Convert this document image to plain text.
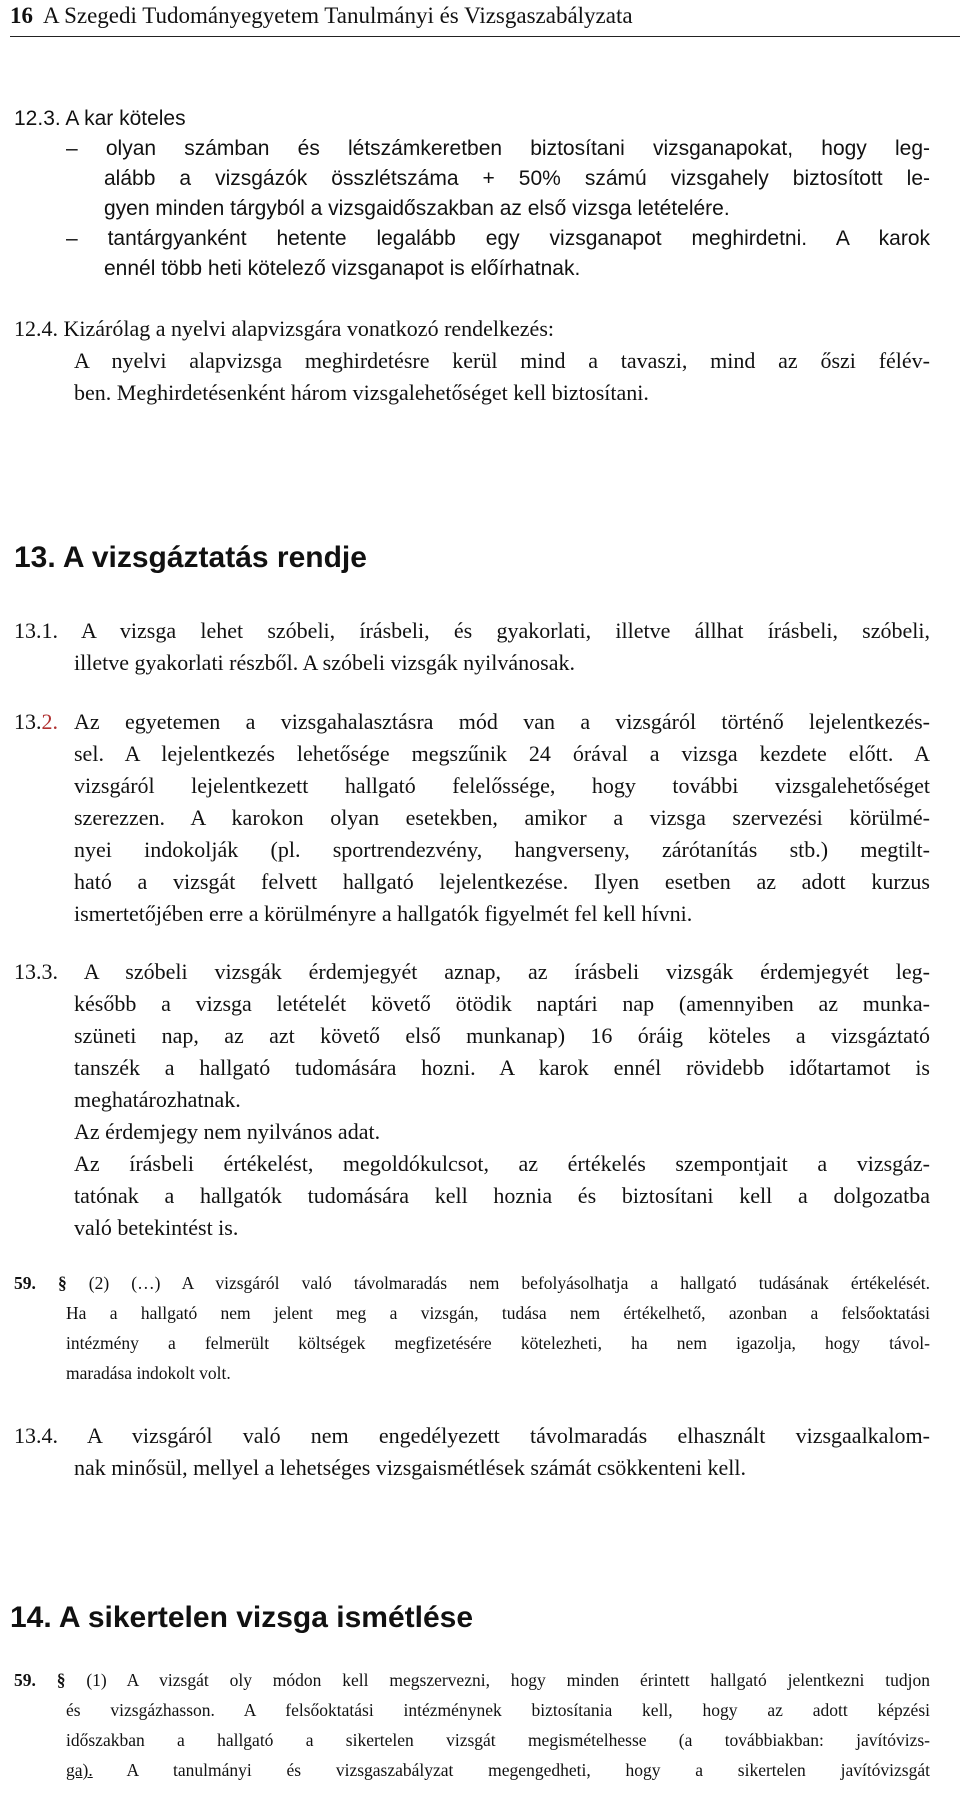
16 A Szegedi Tudományegyetem Tanulmányi és Vizsgaszabályzata
12.3. A kar köteles
– olyan számban és létszámkeretben biztosítani vizsganapokat, hogy leg-
alább a vizsgázók összlétszáma + 50% számú vizsgahely biztosított le-
gyen minden tárgyból a vizsgaidőszakban az első vizsga letételére.
– tantárgyanként hetente legalább egy vizsganapot meghirdetni. A karok
ennél több heti kötelező vizsganapot is előírhatnak.
12.4. Kizárólag a nyelvi alapvizsgára vonatkozó rendelkezés:
A nyelvi alapvizsga meghirdetésre kerül mind a tavaszi, mind az őszi félév-
ben. Meghirdetésenként három vizsgalehetőséget kell biztosítani.
13. A vizsgáztatás rendje
13.1. A vizsga lehet szóbeli, írásbeli, és gyakorlati, illetve állhat írásbeli, szóbeli,
illetve gyakorlati részből. A szóbeli vizsgák nyilvánosak.
13.2. Az egyetemen a vizsgahalasztásra mód van a vizsgáról történő lejelentkezés-
sel. A lejelentkezés lehetősége megszűnik 24 órával a vizsga kezdete előtt. A
vizsgáról lejelentkezett hallgató felelőssége, hogy további vizsgalehetőséget
szerezzen. A karokon olyan esetekben, amikor a vizsga szervezési körülmé-
nyei indokolják (pl. sportrendezvény, hangverseny, zárótanítás stb.) megtilt-
ható a vizsgát felvett hallgató lejelentkezése. Ilyen esetben az adott kurzus
ismertetőjében erre a körülményre a hallgatók figyelmét fel kell hívni.
13.3. A szóbeli vizsgák érdemjegyét aznap, az írásbeli vizsgák érdemjegyét leg-
később a vizsga letételét követő ötödik naptári nap (amennyiben az munka-
szüneti nap, az azt követő első munkanap) 16 óráig köteles a vizsgáztató
tanszék a hallgató tudomására hozni. A karok ennél rövidebb időtartamot is
meghatározhatnak.
Az érdemjegy nem nyilvános adat.
Az írásbeli értékelést, megoldókulcsot, az értékelés szempontjait a vizsgáz-
tatónak a hallgatók tudomására kell hoznia és biztosítani kell a dolgozatba
való betekintést is.
59. § (2) (…) A vizsgáról való távolmaradás nem befolyásolhatja a hallgató tudásának értékelését.
Ha a hallgató nem jelent meg a vizsgán, tudása nem értékelhető, azonban a felsőoktatási
intézmény a felmerült költségek megfizetésére kötelezheti, ha nem igazolja, hogy távol-
maradása indokolt volt.
13.4. A vizsgáról való nem engedélyezett távolmaradás elhasznált vizsgaalkalom-
nak minősül, mellyel a lehetséges vizsgaismétlések számát csökkenteni kell.
14. A sikertelen vizsga ismétlése
59. § (1) A vizsgát oly módon kell megszervezni, hogy minden érintett hallgató jelentkezni tudjon
és vizsgázhasson. A felsőoktatási intézménynek biztosítania kell, hogy az adott képzési
időszakban a hallgató a sikertelen vizsgát megismételhesse (a továbbiakban: javítóvizs-
ga). A tanulmányi és vizsgaszabályzat megengedheti, hogy a sikertelen javítóvizsgát
